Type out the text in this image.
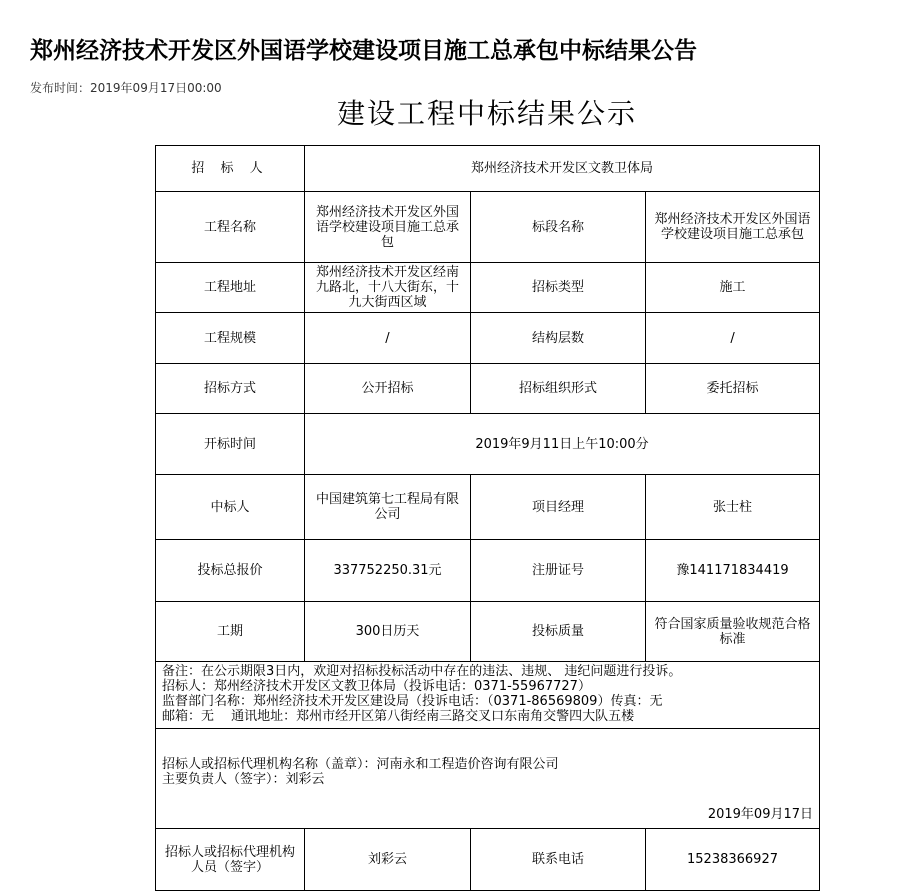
郑州经济技术开发区外国语学校建设项目施工总承包中标结果公告
发布时间：2019年09月17日00:00
建设工程中标结果公示
招 标 人	郑州经济技术开发区文教卫体局		
工程名称	郑州经济技术开发区外国语学校建设项目施工总承包	标段名称	郑州经济技术开发区外国语学校建设项目施工总承包
工程地址	郑州经济技术开发区经南九路北，十八大街东，十九大街西区域	招标类型	施工
工程规模	/	结构层数	/
招标方式	公开招标	招标组织形式	委托招标
开标时间	2019年9月11日上午10:00分		
中标人	中国建筑第七工程局有限公司	项目经理	张士柱
投标总报价	337752250.31元	注册证号	豫141171834419
工期	300日历天	投标质量	符合国家质量验收规范合格标准

备注：在公示期限3日内，欢迎对招标投标活动中存在的违法、违规、 违纪问题进行投诉。
招标人：郑州经济技术开发区文教卫体局（投诉电话：0371-55967727）
监督部门名称：郑州经济技术开发区建设局（投诉电话：（0371-86569809）传真：无
邮箱：无　 通讯地址：郑州市经开区第八街经南三路交叉口东南角交警四大队五楼			

招标人或招标代理机构名称（盖章）：河南永和工程造价咨询有限公司
主要负责人（签字）：刘彩云
2019年09月17日			

招标人或招标代理机构人员（签字）	刘彩云	联系电话	15238366927
